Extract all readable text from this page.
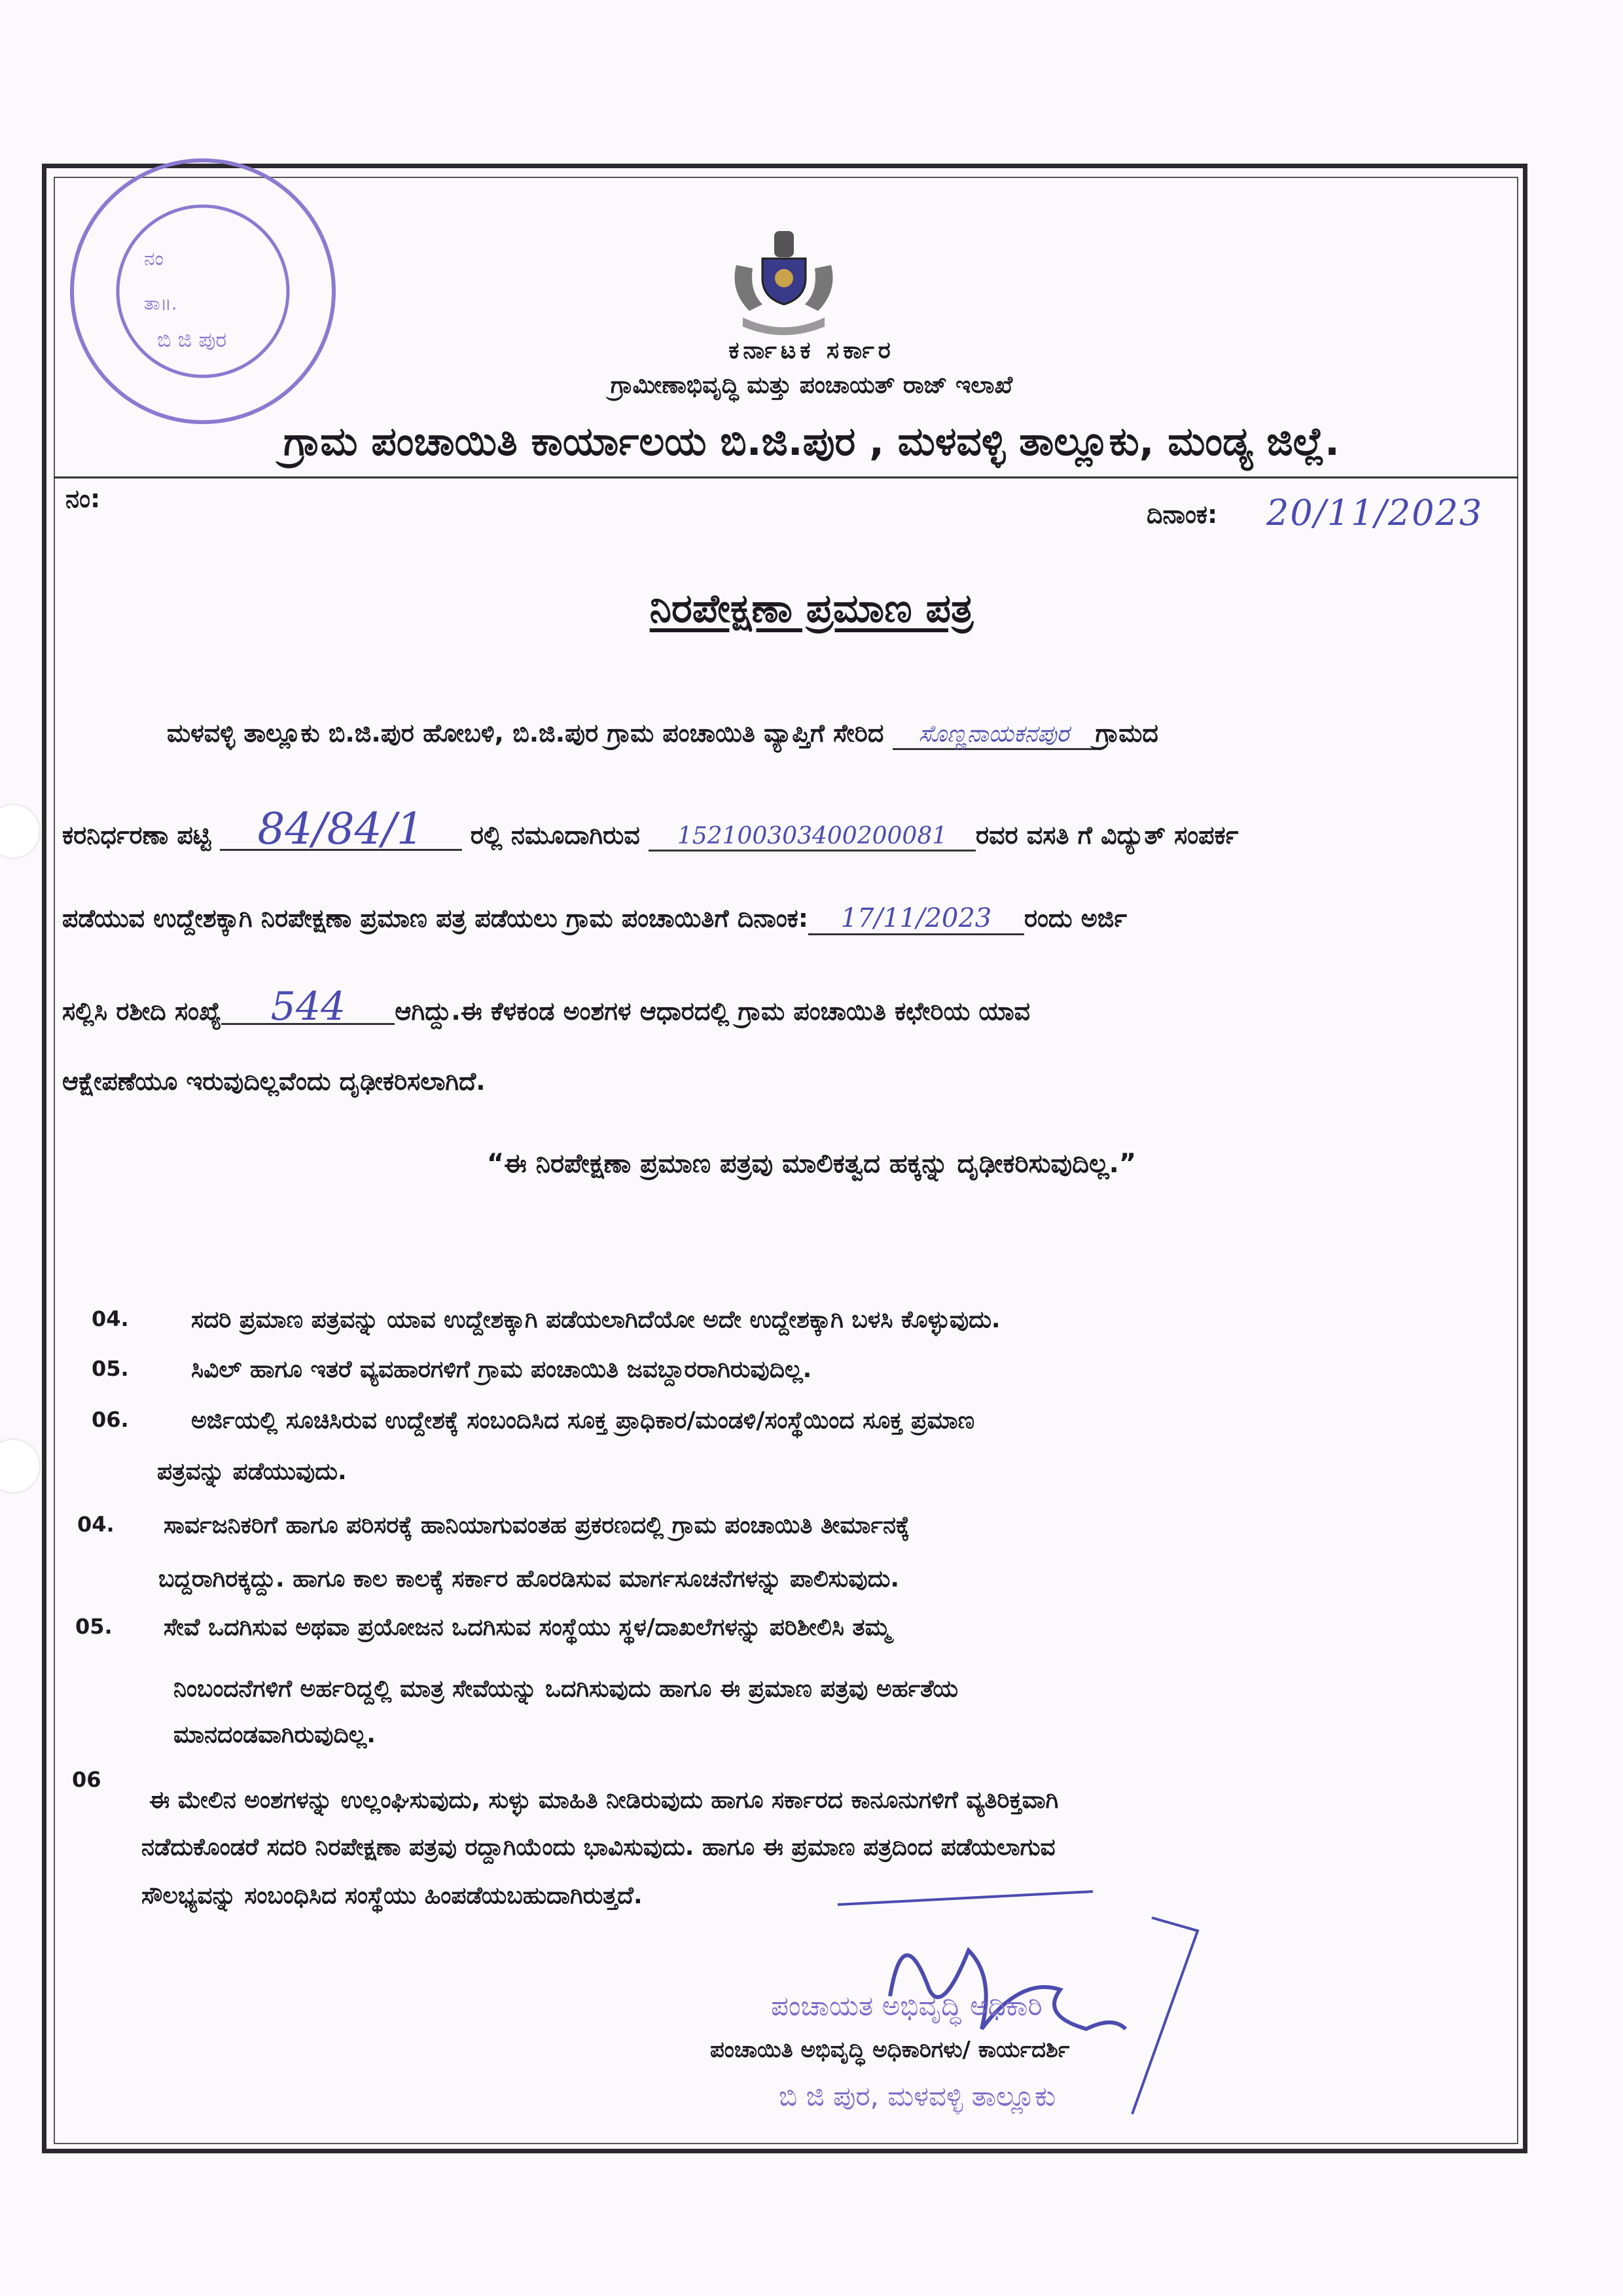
ನಂ
ತಾ॥.
ಬಿ ಜಿ ಪುರ	ಕರ್ನಾಟಕ ಸರ್ಕಾರ
ಗ್ರಾಮೀಣಾಭಿವೃದ್ಧಿ ಮತ್ತು ಪಂಚಾಯತ್ ರಾಜ್ ಇಲಾಖೆ
ಗ್ರಾಮ ಪಂಚಾಯಿತಿ ಕಾರ್ಯಾಲಯ ಬಿ.ಜಿ.ಪುರ , ಮಳವಳ್ಳಿ ತಾಲ್ಲೂಕು, ಮಂಡ್ಯ ಜಿಲ್ಲೆ.
ನಂ:
ದಿನಾಂಕ: 20/11/2023
ನಿರಪೇಕ್ಷಣಾ ಪ್ರಮಾಣ ಪತ್ರ
ಮಳವಳ್ಳಿ ತಾಲ್ಲೂಕು ಬಿ.ಜಿ.ಪುರ ಹೋಬಳಿ, ಬಿ.ಜಿ.ಪುರ ಗ್ರಾಮ ಪಂಚಾಯಿತಿ ವ್ಯಾಪ್ತಿಗೆ ಸೇರಿದ ಸೊಣ್ಣನಾಯಕನಪುರ ಗ್ರಾಮದ
ಕರನಿರ್ಧರಣಾ ಪಟ್ಟಿ 84/84/1 ರಲ್ಲಿ ನಮೂದಾಗಿರುವ 152100303400200081 ರವರ ವಸತಿ ಗೆ ವಿದ್ಯುತ್ ಸಂಪರ್ಕ
ಪಡೆಯುವ ಉದ್ದೇಶಕ್ಕಾಗಿ ನಿರಪೇಕ್ಷಣಾ ಪ್ರಮಾಣ ಪತ್ರ ಪಡೆಯಲು ಗ್ರಾಮ ಪಂಚಾಯಿತಿಗೆ ದಿನಾಂಕ: 17/11/2023 ರಂದು ಅರ್ಜಿ
ಸಲ್ಲಿಸಿ ರಶೀದಿ ಸಂಖ್ಯೆ 544 ಆಗಿದ್ದು.ಈ ಕೆಳಕಂಡ ಅಂಶಗಳ ಆಧಾರದಲ್ಲಿ ಗ್ರಾಮ ಪಂಚಾಯಿತಿ ಕಛೇರಿಯ ಯಾವ
ಆಕ್ಷೇಪಣೆಯೂ ಇರುವುದಿಲ್ಲವೆಂದು ದೃಢೀಕರಿಸಲಾಗಿದೆ.
“ಈ ನಿರಪೇಕ್ಷಣಾ ಪ್ರಮಾಣ ಪತ್ರವು ಮಾಲಿಕತ್ವದ ಹಕ್ಕನ್ನು ದೃಢೀಕರಿಸುವುದಿಲ್ಲ.”
04.	ಸದರಿ ಪ್ರಮಾಣ ಪತ್ರವನ್ನು ಯಾವ ಉದ್ದೇಶಕ್ಕಾಗಿ ಪಡೆಯಲಾಗಿದೆಯೋ ಅದೇ ಉದ್ದೇಶಕ್ಕಾಗಿ ಬಳಸಿ ಕೊಳ್ಳುವುದು.
05.	ಸಿವಿಲ್ ಹಾಗೂ ಇತರೆ ವ್ಯವಹಾರಗಳಿಗೆ ಗ್ರಾಮ ಪಂಚಾಯಿತಿ ಜವಬ್ದಾರರಾಗಿರುವುದಿಲ್ಲ.
06.	ಅರ್ಜಿಯಲ್ಲಿ ಸೂಚಿಸಿರುವ ಉದ್ದೇಶಕ್ಕೆ ಸಂಬಂದಿಸಿದ ಸೂಕ್ತ ಪ್ರಾಧಿಕಾರ/ಮಂಡಳಿ/ಸಂಸ್ಥೆಯಿಂದ ಸೂಕ್ತ ಪ್ರಮಾಣ
ಪತ್ರವನ್ನು ಪಡೆಯುವುದು.
04. ಸಾರ್ವಜನಿಕರಿಗೆ ಹಾಗೂ ಪರಿಸರಕ್ಕೆ ಹಾನಿಯಾಗುವಂತಹ ಪ್ರಕರಣದಲ್ಲಿ ಗ್ರಾಮ ಪಂಚಾಯಿತಿ ತೀರ್ಮಾನಕ್ಕೆ
ಬದ್ದರಾಗಿರಕ್ಕದ್ದು. ಹಾಗೂ ಕಾಲ ಕಾಲಕ್ಕೆ ಸರ್ಕಾರ ಹೊರಡಿಸುವ ಮಾರ್ಗಸೂಚನೆಗಳನ್ನು ಪಾಲಿಸುವುದು.
05. ಸೇವೆ ಒದಗಿಸುವ ಅಥವಾ ಪ್ರಯೋಜನ ಒದಗಿಸುವ ಸಂಸ್ಥೆಯು ಸ್ಥಳ/ದಾಖಲೆಗಳನ್ನು ಪರಿಶೀಲಿಸಿ ತಮ್ಮ
ನಿಂಬಂದನೆಗಳಿಗೆ ಅರ್ಹರಿದ್ದಲ್ಲಿ ಮಾತ್ರ ಸೇವೆಯನ್ನು ಒದಗಿಸುವುದು ಹಾಗೂ ಈ ಪ್ರಮಾಣ ಪತ್ರವು ಅರ್ಹತೆಯ
ಮಾನದಂಡವಾಗಿರುವುದಿಲ್ಲ.
06
ಈ ಮೇಲಿನ ಅಂಶಗಳನ್ನು ಉಲ್ಲಂಘಿಸುವುದು, ಸುಳ್ಳು ಮಾಹಿತಿ ನೀಡಿರುವುದು ಹಾಗೂ ಸರ್ಕಾರದ ಕಾನೂನುಗಳಿಗೆ ವ್ಯತಿರಿಕ್ತವಾಗಿ
ನಡೆದುಕೊಂಡರೆ ಸದರಿ ನಿರಪೇಕ್ಷಣಾ ಪತ್ರವು ರದ್ದಾಗಿಯೆಂದು ಭಾವಿಸುವುದು. ಹಾಗೂ ಈ ಪ್ರಮಾಣ ಪತ್ರದಿಂದ ಪಡೆಯಲಾಗುವ
ಸೌಲಭ್ಯವನ್ನು ಸಂಬಂಧಿಸಿದ ಸಂಸ್ಥೆಯು ಹಿಂಪಡೆಯಬಹುದಾಗಿರುತ್ತದೆ.
ಪಂಚಾಯತ ಅಭಿವೃದ್ಧಿ ಅಧಿಕಾರಿ
ಪಂಚಾಯಿತಿ ಅಭಿವೃದ್ಧಿ ಅಧಿಕಾರಿಗಳು/ ಕಾರ್ಯದರ್ಶಿ
ಬಿ ಜಿ ಪುರ, ಮಳವಳ್ಳಿ ತಾಲ್ಲೂಕು
